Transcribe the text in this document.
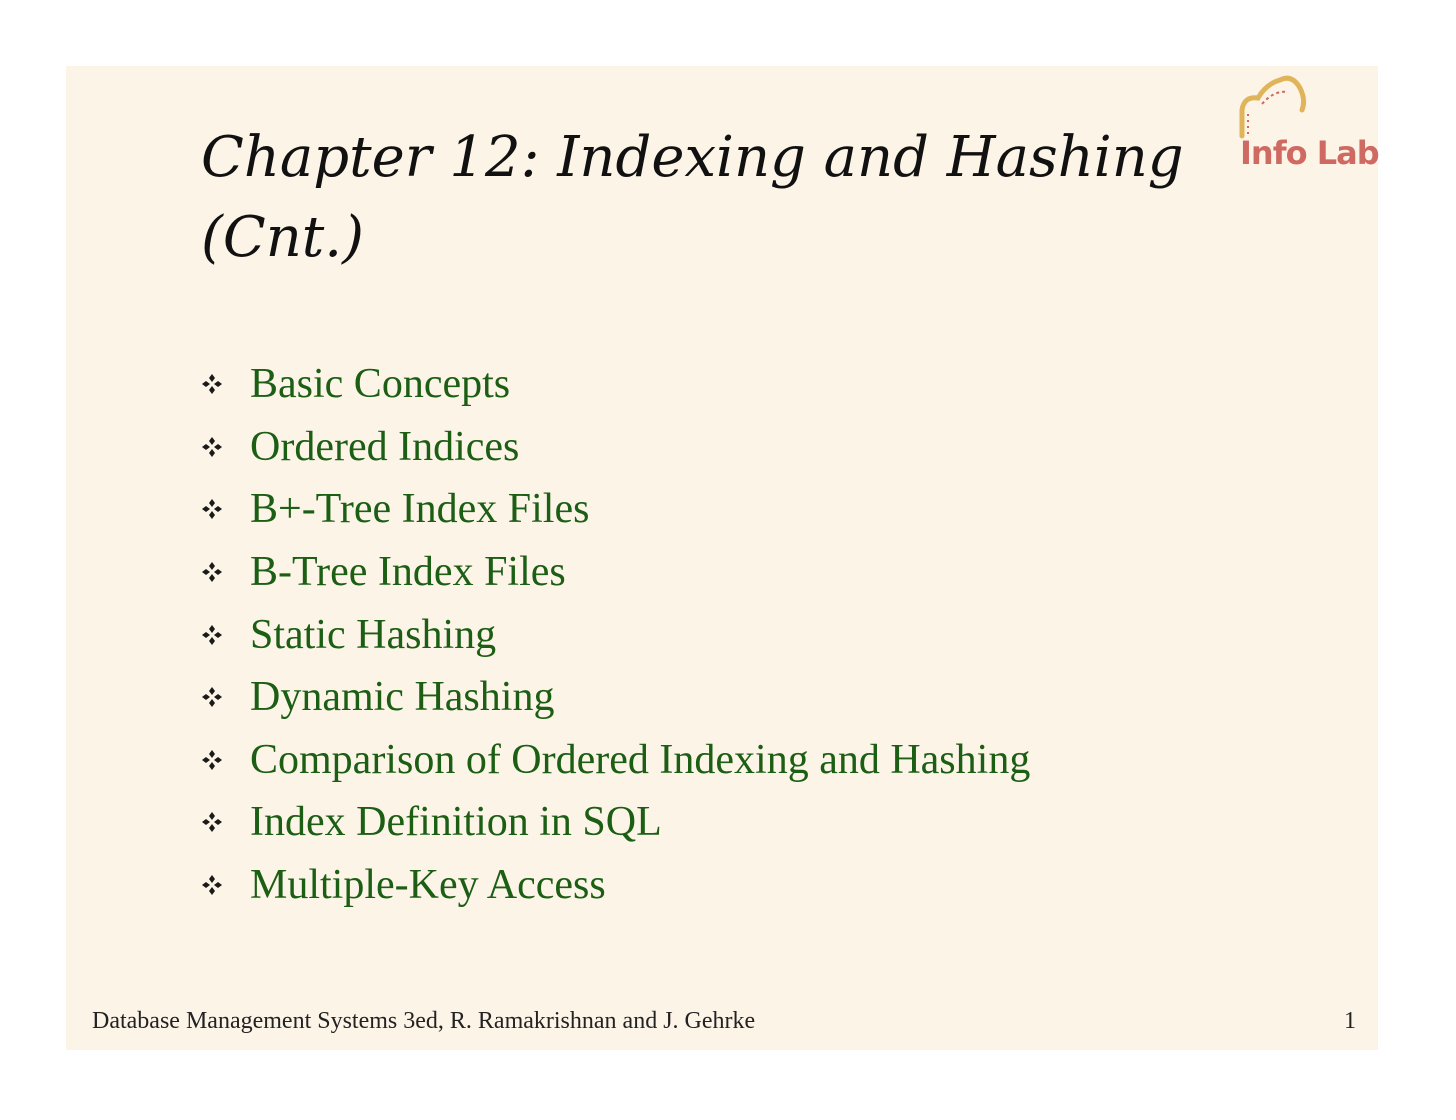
Chapter 12: Indexing and Hashing
(Cnt.)
Info Lab
Basic Concepts
Ordered Indices
B+-Tree Index Files
B-Tree Index Files
Static Hashing
Dynamic Hashing
Comparison of Ordered Indexing and Hashing
Index Definition in SQL
Multiple-Key Access
Database Management Systems 3ed, R. Ramakrishnan and J. Gehrke	1
